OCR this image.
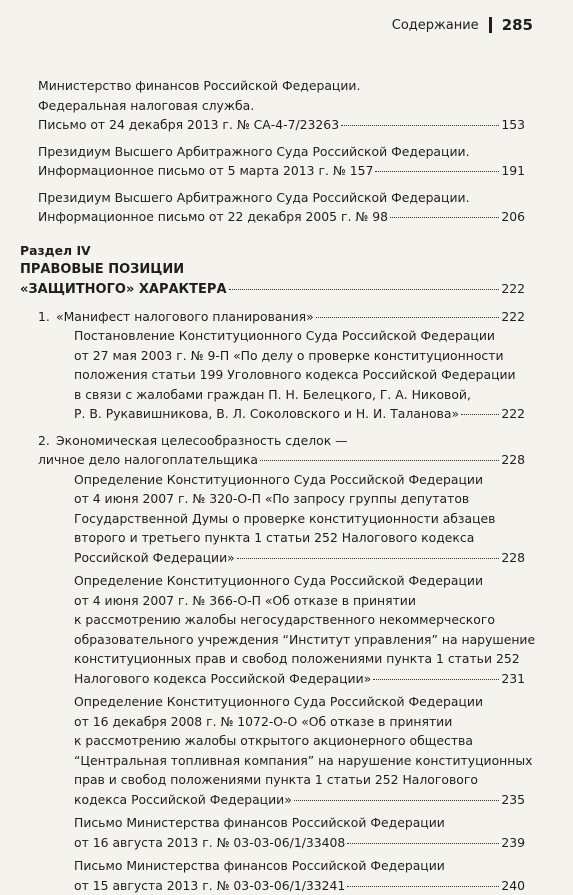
Содержание 285
Министерство финансов Российской Федерации.
Федеральная налоговая служба.
Письмо от 24 декабря 2013 г. № СА-4-7/23263	153
Президиум Высшего Арбитражного Суда Российской Федерации.
Информационное письмо от 5 марта 2013 г. № 157	191
Президиум Высшего Арбитражного Суда Российской Федерации.
Информационное письмо от 22 декабря 2005 г. № 98	206
Раздел IV
ПРАВОВЫЕ ПОЗИЦИИ
«ЗАЩИТНОГО» ХАРАКТЕРА	222
1. «Манифест налогового планирования»	222
Постановление Конституционного Суда Российской Федерации
от 27 мая 2003 г. № 9-П «По делу о проверке конституционности
положения статьи 199 Уголовного кодекса Российской Федерации
в связи с жалобами граждан П. Н. Белецкого, Г. А. Никовой,
Р. В. Рукавишникова, В. Л. Соколовского и Н. И. Таланова»	222
2. Экономическая целесообразность сделок —
личное дело налогоплательщика	228
Определение Конституционного Суда Российской Федерации
от 4 июня 2007 г. № 320-О-П «По запросу группы депутатов
Государственной Думы о проверке конституционности абзацев
второго и третьего пункта 1 статьи 252 Налогового кодекса
Российской Федерации»	228
Определение Конституционного Суда Российской Федерации
от 4 июня 2007 г. № 366-О-П «Об отказе в принятии
к рассмотрению жалобы негосударственного некоммерческого
образовательного учреждения “Институт управления” на нарушение
конституционных прав и свобод положениями пункта 1 статьи 252
Налогового кодекса Российской Федерации»	231
Определение Конституционного Суда Российской Федерации
от 16 декабря 2008 г. № 1072-О-О «Об отказе в принятии
к рассмотрению жалобы открытого акционерного общества
“Центральная топливная компания” на нарушение конституционных
прав и свобод положениями пункта 1 статьи 252 Налогового
кодекса Российской Федерации»	235
Письмо Министерства финансов Российской Федерации
от 16 августа 2013 г. № 03-03-06/1/33408	239
Письмо Министерства финансов Российской Федерации
от 15 августа 2013 г. № 03-03-06/1/33241	240
